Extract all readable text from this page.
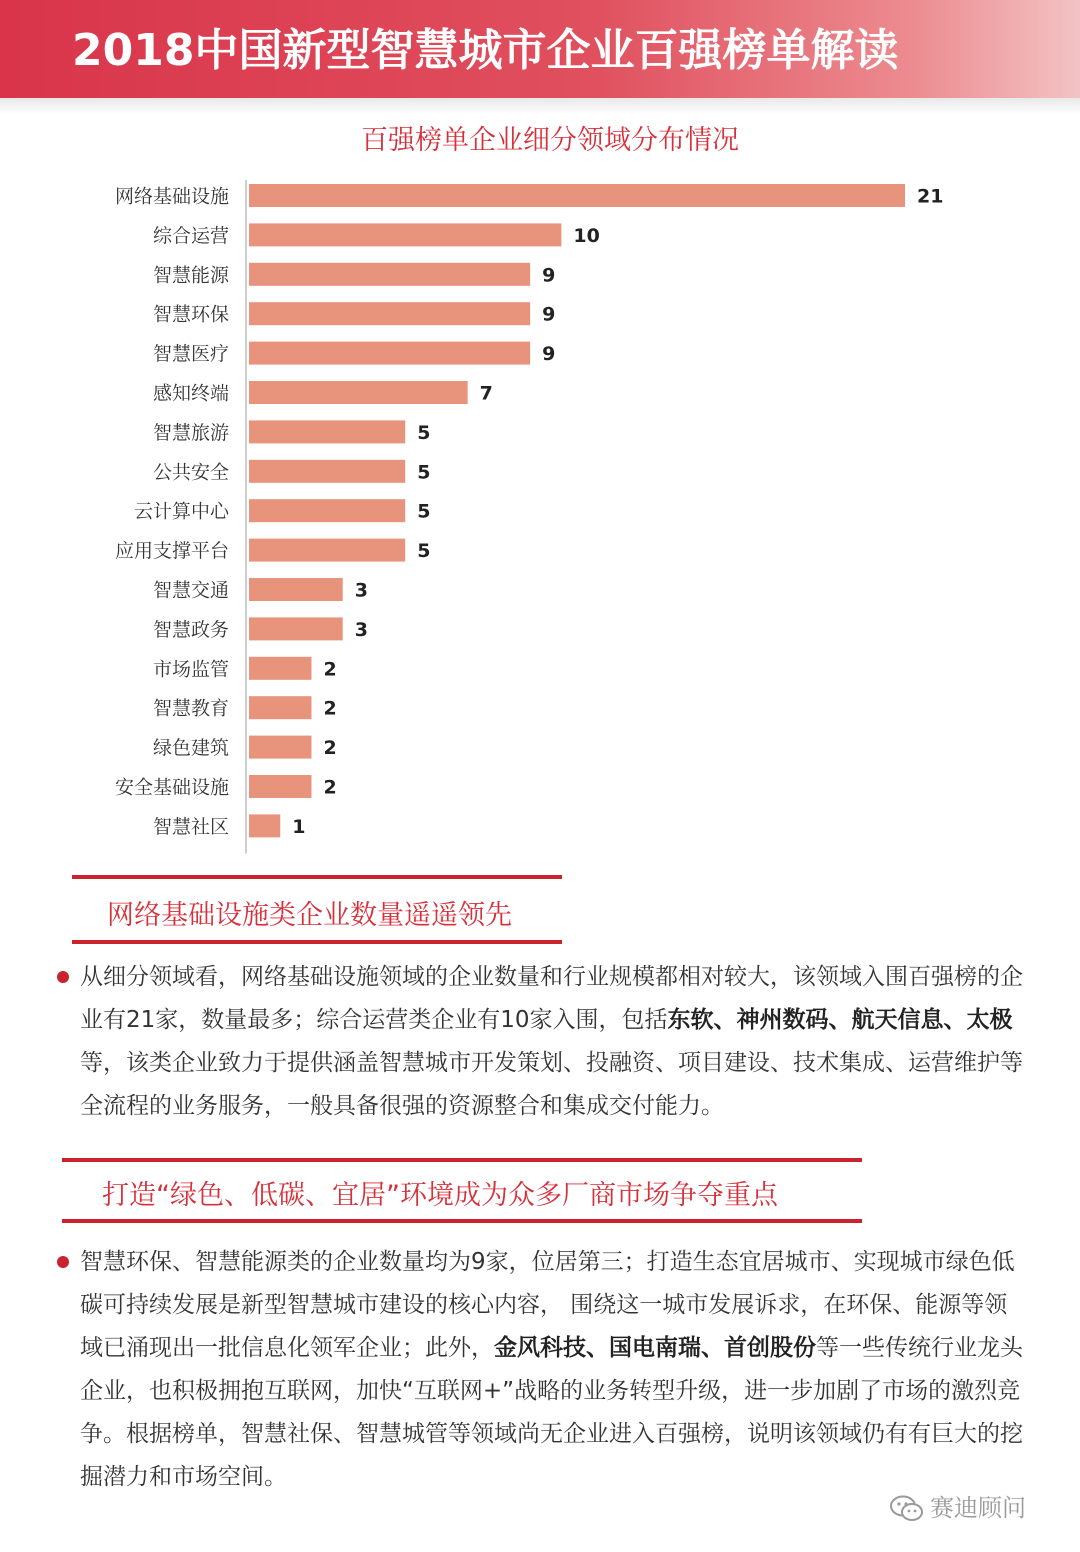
2018中国新型智慧城市企业百强榜单解读
百强榜单企业细分领域分布情况
网络基础设施	21
综合运营	10
智慧能源	9
智慧环保	9
智慧医疗	9
感知终端	7
智慧旅游	5
公共安全	5
云计算中心	5
应用支撑平台	5
智慧交通	3
智慧政务	3
市场监管	2
智慧教育	2
绿色建筑	2
安全基础设施	2
智慧社区	1
网络基础设施类企业数量遥遥领先
从细分领域看，网络基础设施领域的企业数量和行业规模都相对较大，该领域入围百强榜的企业有21家，数量最多；综合运营类企业有10家入围，包括东软、神州数码、航天信息、太极等，该类企业致力于提供涵盖智慧城市开发策划、投融资、项目建设、技术集成、运营维护等全流程的业务服务，一般具备很强的资源整合和集成交付能力。
打造“绿色、低碳、宜居”环境成为众多厂商市场争夺重点
智慧环保、智慧能源类的企业数量均为9家，位居第三；打造生态宜居城市、实现城市绿色低碳可持续发展是新型智慧城市建设的核心内容， 围绕这一城市发展诉求，在环保、能源等领域已涌现出一批信息化领军企业；此外，金风科技、国电南瑞、首创股份等一些传统行业龙头企业，也积极拥抱互联网，加快“互联网+”战略的业务转型升级，进一步加剧了市场的激烈竞争。根据榜单，智慧社保、智慧城管等领域尚无企业进入百强榜，说明该领域仍有有巨大的挖掘潜力和市场空间。
赛迪顾问
